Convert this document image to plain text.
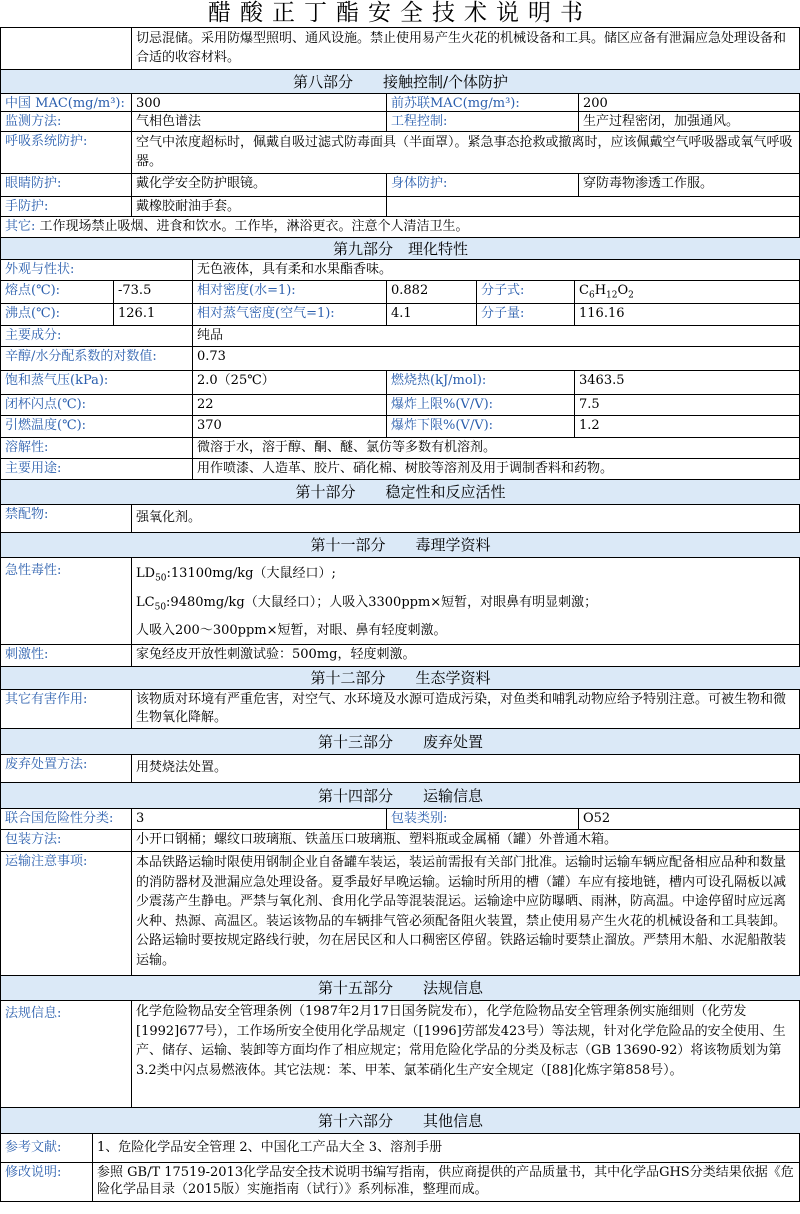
醋酸正丁酯安全技术说明书
切忌混储。采用防爆型照明、通风设施。禁止使用易产生火花的机械设备和工具。储区应备有泄漏应急处理设备和合适的收容材料。
第八部分　　接触控制/个体防护
中国 MAC(mg/m³): 300	前苏联MAC(mg/m³):	200
监测方法:	气相色谱法	工程控制:	生产过程密闭，加强通风。
呼吸系统防护:	空气中浓度超标时，佩戴自吸过滤式防毒面具（半面罩）。紧急事态抢救或撤离时，应该佩戴空气呼吸器或氧气呼吸器。
眼睛防护:	戴化学安全防护眼镜。	身体防护:	穿防毒物渗透工作服。
手防护:	戴橡胶耐油手套。
其它: 工作现场禁止吸烟、进食和饮水。工作毕，淋浴更衣。注意个人清洁卫生。
第九部分　理化特性
外观与性状:	无色液体，具有柔和水果酯香味。
熔点(℃):	-73.5	相对密度(水=1):	0.882	分子式:	$C_6H_{12}O_2$
沸点(℃):	126.1	相对蒸气密度(空气=1):	4.1	分子量:	116.16
主要成分:	纯品
辛醇/水分配系数的对数值:	0.73
饱和蒸气压(kPa):	2.0（25℃）	燃烧热(kJ/mol):	3463.5
闭杯闪点(℃):	22	爆炸上限%(V/V):	7.5
引燃温度(℃):	370	爆炸下限%(V/V):	1.2
溶解性:	微溶于水，溶于醇、酮、醚、氯仿等多数有机溶剂。
主要用途:	用作喷漆、人造革、胶片、硝化棉、树胶等溶剂及用于调制香料和药物。
第十部分　　稳定性和反应活性
禁配物:	强氧化剂。
第十一部分　　毒理学资料
急性毒性:	$LD_{50}:13100mg/kg$（大鼠经口）;
$LC_{50}:9480mg/kg$（大鼠经口）；人吸入3300ppm×短暂，对眼鼻有明显刺激；
人吸入200～300ppm×短暂，对眼、鼻有轻度刺激。
刺激性:	家兔经皮开放性刺激试验：500mg，轻度刺激。
第十二部分　　生态学资料
其它有害作用:	该物质对环境有严重危害，对空气、水环境及水源可造成污染，对鱼类和哺乳动物应给予特别注意。可被生物和微生物氧化降解。
第十三部分　　废弃处置
废弃处置方法:	用焚烧法处置。
第十四部分　　运输信息
联合国危险性分类:	3	包装类别:	O52
包装方法:	小开口钢桶；螺纹口玻璃瓶、铁盖压口玻璃瓶、塑料瓶或金属桶（罐）外普通木箱。
运输注意事项:	本品铁路运输时限使用钢制企业自备罐车装运，装运前需报有关部门批准。运输时运输车辆应配备相应品种和数量的消防器材及泄漏应急处理设备。夏季最好早晚运输。运输时所用的槽（罐）车应有接地链，槽内可设孔隔板以减少震荡产生静电。严禁与氧化剂、食用化学品等混装混运。运输途中应防曝晒、雨淋，防高温。中途停留时应远离火种、热源、高温区。装运该物品的车辆排气管必须配备阻火装置，禁止使用易产生火花的机械设备和工具装卸。公路运输时要按规定路线行驶，勿在居民区和人口稠密区停留。铁路运输时要禁止溜放。严禁用木船、水泥船散装运输。
第十五部分　　法规信息
法规信息:	化学危险物品安全管理条例（1987年2月17日国务院发布），化学危险物品安全管理条例实施细则（化劳发[1992]677号），工作场所安全使用化学品规定（[1996]劳部发423号）等法规，针对化学危险品的安全使用、生产、储存、运输、装卸等方面均作了相应规定；常用危险化学品的分类及标志（GB 13690-92）将该物质划为第3.2类中闪点易燃液体。其它法规：苯、甲苯、氯苯硝化生产安全规定（[88]化炼字第858号）。
第十六部分　　其他信息
参考文献:	1、危险化学品安全管理 2、中国化工产品大全 3、溶剂手册
修改说明:	参照 GB/T 17519-2013化学品安全技术说明书编写指南，供应商提供的产品质量书，其中化学品GHS分类结果依据《危险化学品目录（2015版）实施指南（试行）》系列标准，整理而成。
